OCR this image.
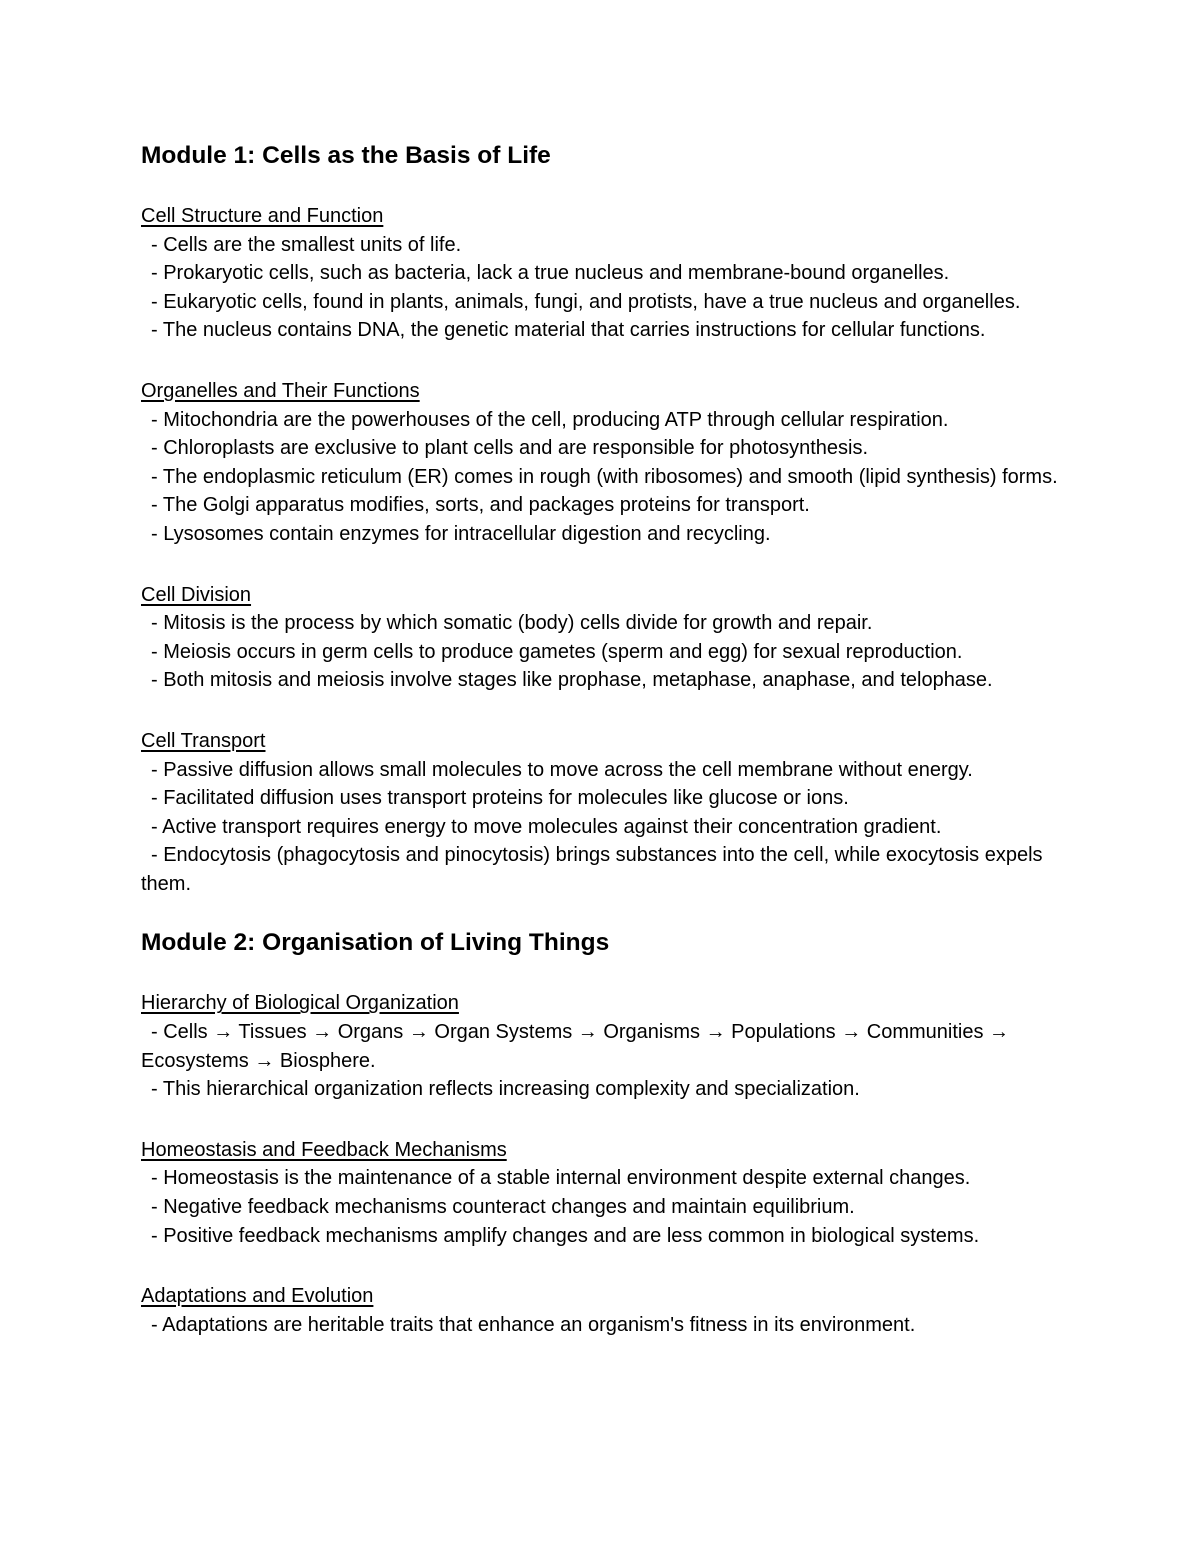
Module 1: Cells as the Basis of Life

Cell Structure and Function

- Cells are the smallest units of life.

- Prokaryotic cells, such as bacteria, lack a true nucleus and membrane-bound organelles.

- Eukaryotic cells, found in plants, animals, fungi, and protists, have a true nucleus and organelles.

- The nucleus contains DNA, the genetic material that carries instructions for cellular functions.

Organelles and Their Functions

- Mitochondria are the powerhouses of the cell, producing ATP through cellular respiration.

- Chloroplasts are exclusive to plant cells and are responsible for photosynthesis.

- The endoplasmic reticulum (ER) comes in rough (with ribosomes) and smooth (lipid synthesis) forms.

- The Golgi apparatus modifies, sorts, and packages proteins for transport.

- Lysosomes contain enzymes for intracellular digestion and recycling.

Cell Division

- Mitosis is the process by which somatic (body) cells divide for growth and repair.

- Meiosis occurs in germ cells to produce gametes (sperm and egg) for sexual reproduction.

- Both mitosis and meiosis involve stages like prophase, metaphase, anaphase, and telophase.

Cell Transport

- Passive diffusion allows small molecules to move across the cell membrane without energy.

- Facilitated diffusion uses transport proteins for molecules like glucose or ions.

- Active transport requires energy to move molecules against their concentration gradient.

- Endocytosis (phagocytosis and pinocytosis) brings substances into the cell, while exocytosis expels them.

Module 2: Organisation of Living Things

Hierarchy of Biological Organization

- Cells → Tissues → Organs → Organ Systems → Organisms → Populations → Communities → Ecosystems → Biosphere.

- This hierarchical organization reflects increasing complexity and specialization.

Homeostasis and Feedback Mechanisms

- Homeostasis is the maintenance of a stable internal environment despite external changes.

- Negative feedback mechanisms counteract changes and maintain equilibrium.

- Positive feedback mechanisms amplify changes and are less common in biological systems.

Adaptations and Evolution

- Adaptations are heritable traits that enhance an organism's fitness in its environment.
